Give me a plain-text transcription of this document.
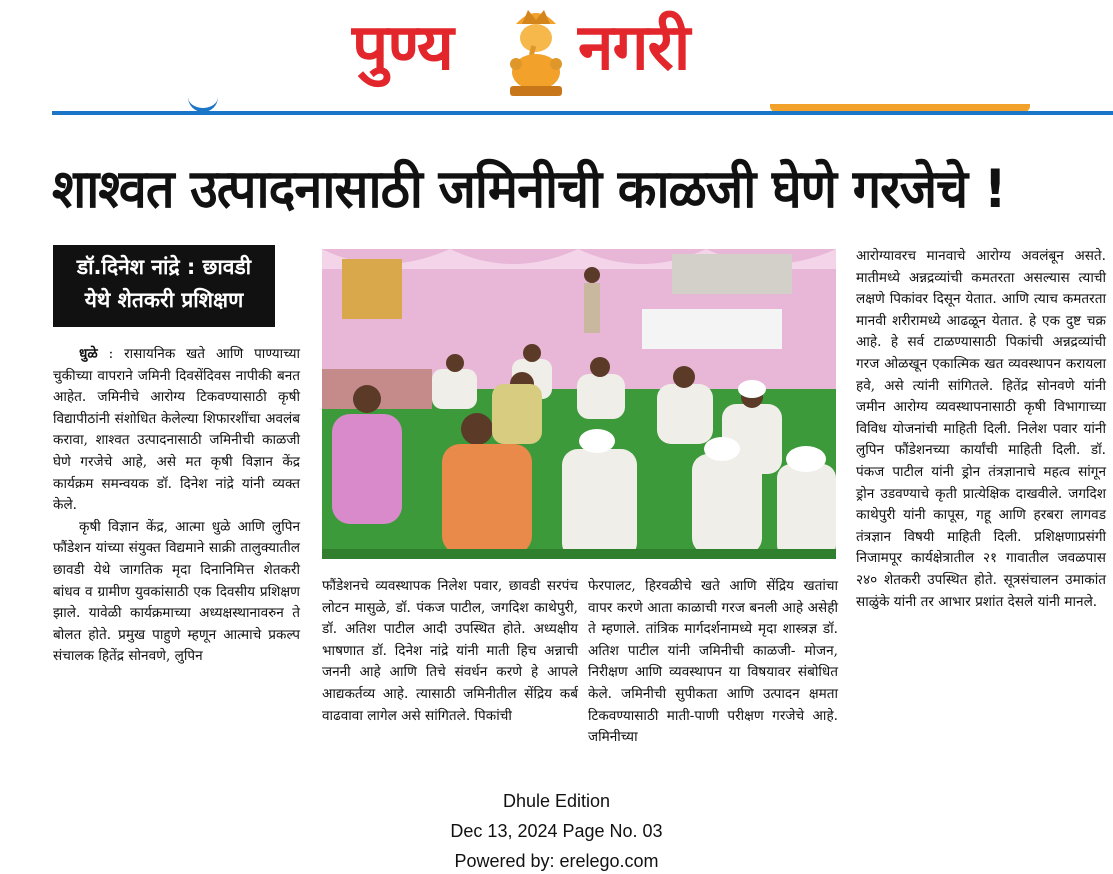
पुण्य नगरी
शाश्वत उत्पादनासाठी जमिनीची काळजी घेणे गरजेचे !
डॉ.दिनेश नांद्रे : छावडी
येथे शेतकरी प्रशिक्षण

धुळे : रासायनिक खते आणि पाण्याच्या चुकीच्या वापराने जमिनी दिवसेंदिवस नापीकी बनत आहेत. जमिनीचे आरोग्य टिकवण्यासाठी कृषी विद्यापीठांनी संशोधित केलेल्या शिफारशींचा अवलंब करावा, शाश्वत उत्पादनासाठी जमिनीची काळजी घेणे गरजेचे आहे, असे मत कृषी विज्ञान केंद्र कार्यक्रम समन्वयक डॉ. दिनेश नांद्रे यांनी व्यक्त केले.

कृषी विज्ञान केंद्र, आत्मा धुळे आणि लुपिन फौंडेशन यांच्या संयुक्त विद्यमाने साक्री तालुक्यातील छावडी येथे जागतिक मृदा दिनानिमित्त शेतकरी बांधव व ग्रामीण युवकांसाठी एक दिवसीय प्रशिक्षण झाले. यावेळी कार्यक्रमाच्या अध्यक्षस्थानावरुन ते बोलत होते. प्रमुख पाहुणे म्हणून आत्माचे प्रकल्प संचालक हितेंद्र सोनवणे, लुपिन

फौंडेशनचे व्यवस्थापक निलेश पवार, छावडी सरपंच लोटन मासुळे, डॉ. पंकज पाटील, जगदिश काथेपुरी, डॉ. अतिश पाटील आदी उपस्थित होते. अध्यक्षीय भाषणात डॉ. दिनेश नांद्रे यांनी माती हिच अन्नाची जननी आहे आणि तिचे संवर्धन करणे हे आपले आद्यकर्तव्य आहे. त्यासाठी जमिनीतील सेंद्रिय कर्ब वाढवावा लागेल असे सांगितले. पिकांची

फेरपालट, हिरवळीचे खते आणि सेंद्रिय खतांचा वापर करणे आता काळाची गरज बनली आहे असेही ते म्हणाले. तांत्रिक मार्गदर्शनामध्ये मृदा शास्त्रज्ञ डॉ. अतिश पाटील यांनी जमिनीची काळजी- मोजन, निरीक्षण आणि व्यवस्थापन या विषयावर संबोधित केले. जमिनीची सुपीकता आणि उत्पादन क्षमता टिकवण्यासाठी माती-पाणी परीक्षण गरजेचे आहे. जमिनीच्या

आरोग्यावरच मानवाचे आरोग्य अवलंबून असते. मातीमध्ये अन्नद्रव्यांची कमतरता असल्यास त्याची लक्षणे पिकांवर दिसून येतात. आणि त्याच कमतरता मानवी शरीरामध्ये आढळून येतात. हे एक दुष्ट चक्र आहे. हे सर्व टाळण्यासाठी पिकांची अन्नद्रव्यांची गरज ओळखून एकात्मिक खत व्यवस्थापन करायला हवे, असे त्यांनी सांगितले. हितेंद्र सोनवणे यांनी जमीन आरोग्य व्यवस्थापनासाठी कृषी विभागाच्या विविध योजनांची माहिती दिली. निलेश पवार यांनी लुपिन फौंडेशनच्या कार्यांची माहिती दिली. डॉ. पंकज पाटील यांनी ड्रोन तंत्रज्ञानाचे महत्व सांगून ड्रोन उडवण्याचे कृती प्रात्येक्षिक दाखवीले. जगदिश काथेपुरी यांनी कापूस, गहू आणि हरबरा लागवड तंत्रज्ञान विषयी माहिती दिली. प्रशिक्षणाप्रसंगी निजामपूर कार्यक्षेत्रातील २१ गावातील जवळपास २४० शेतकरी उपस्थित होते. सूत्रसंचालन उमाकांत साळुंके यांनी तर आभार प्रशांत देसले यांनी मानले.

Dhule Edition
Dec 13, 2024 Page No. 03
Powered by: erelego.com
